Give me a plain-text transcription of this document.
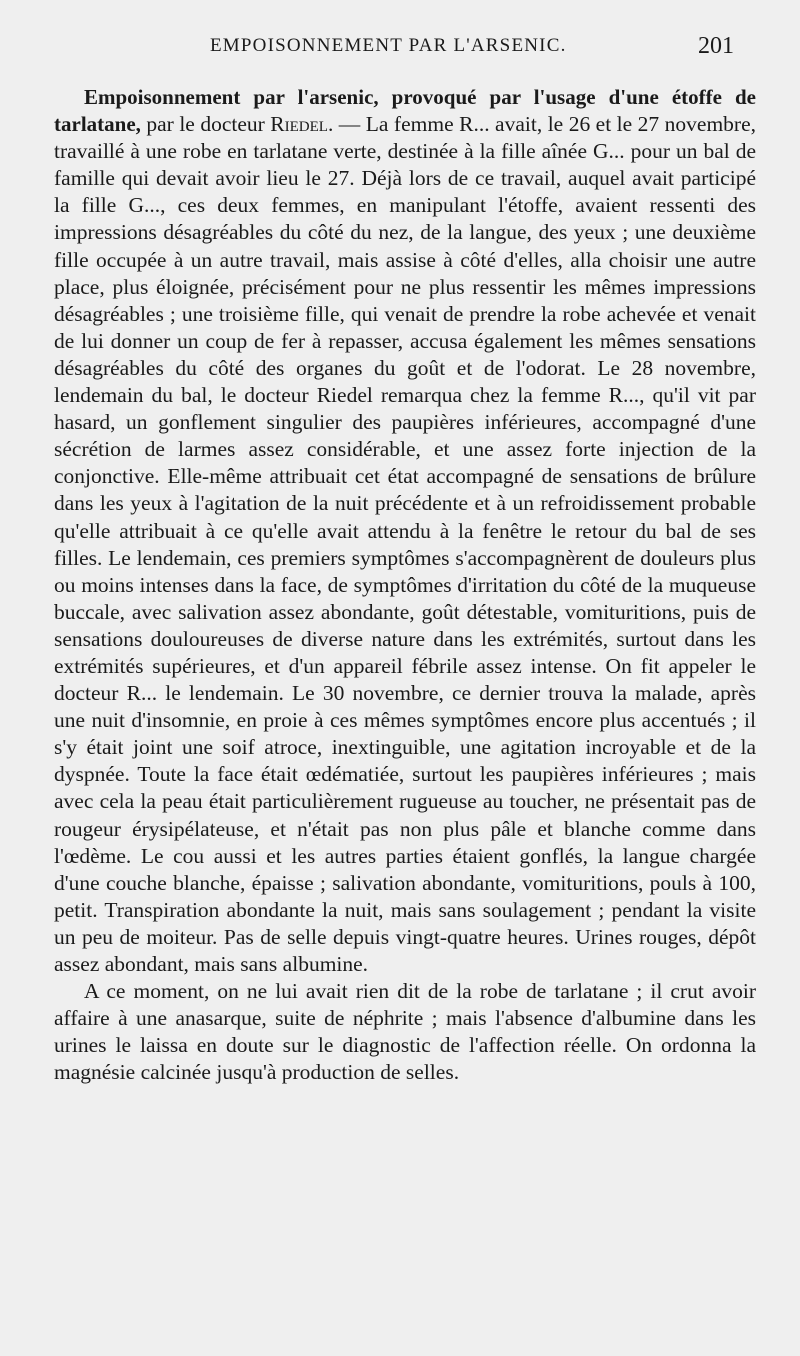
EMPOISONNEMENT PAR L'ARSENIC.	201

Empoisonnement par l'arsenic, provoqué par l'usage d'une étoffe de tarlatane, par le docteur Riedel. — La femme R... avait, le 26 et le 27 novembre, travaillé à une robe en tarlatane verte, destinée à la fille aînée G... pour un bal de famille qui devait avoir lieu le 27. Déjà lors de ce travail, auquel avait participé la fille G..., ces deux femmes, en manipulant l'étoffe, avaient ressenti des impressions désagréables du côté du nez, de la langue, des yeux ; une deuxième fille occupée à un autre travail, mais assise à côté d'elles, alla choisir une autre place, plus éloignée, précisément pour ne plus ressentir les mêmes impressions désagréables ; une troisième fille, qui venait de prendre la robe achevée et venait de lui donner un coup de fer à repasser, accusa également les mêmes sensations désagréables du côté des organes du goût et de l'odorat. Le 28 novembre, lendemain du bal, le docteur Riedel remarqua chez la femme R..., qu'il vit par hasard, un gonflement singulier des paupières inférieures, accompagné d'une sécrétion de larmes assez considérable, et une assez forte injection de la conjonctive. Elle-même attribuait cet état accompagné de sensations de brûlure dans les yeux à l'agitation de la nuit précédente et à un refroidissement probable qu'elle attribuait à ce qu'elle avait attendu à la fenêtre le retour du bal de ses filles. Le lendemain, ces premiers symptômes s'accompagnèrent de douleurs plus ou moins intenses dans la face, de symptômes d'irritation du côté de la muqueuse buccale, avec salivation assez abondante, goût détestable, vomituritions, puis de sensations douloureuses de diverse nature dans les extrémités, surtout dans les extrémités supérieures, et d'un appareil fébrile assez intense. On fit appeler le docteur R... le lendemain. Le 30 novembre, ce dernier trouva la malade, après une nuit d'insomnie, en proie à ces mêmes symptômes encore plus accentués ; il s'y était joint une soif atroce, inextinguible, une agitation incroyable et de la dyspnée. Toute la face était œdématiée, surtout les paupières inférieures ; mais avec cela la peau était particulièrement rugueuse au toucher, ne présentait pas de rougeur érysipélateuse, et n'était pas non plus pâle et blanche comme dans l'œdème. Le cou aussi et les autres parties étaient gonflés, la langue chargée d'une couche blanche, épaisse ; salivation abondante, vomituritions, pouls à 100, petit. Transpiration abondante la nuit, mais sans soulagement ; pendant la visite un peu de moiteur. Pas de selle depuis vingt-quatre heures. Urines rouges, dépôt assez abondant, mais sans albumine.

A ce moment, on ne lui avait rien dit de la robe de tarlatane ; il crut avoir affaire à une anasarque, suite de néphrite ; mais l'absence d'albumine dans les urines le laissa en doute sur le diagnostic de l'affection réelle. On ordonna la magnésie calcinée jusqu'à production de selles.
